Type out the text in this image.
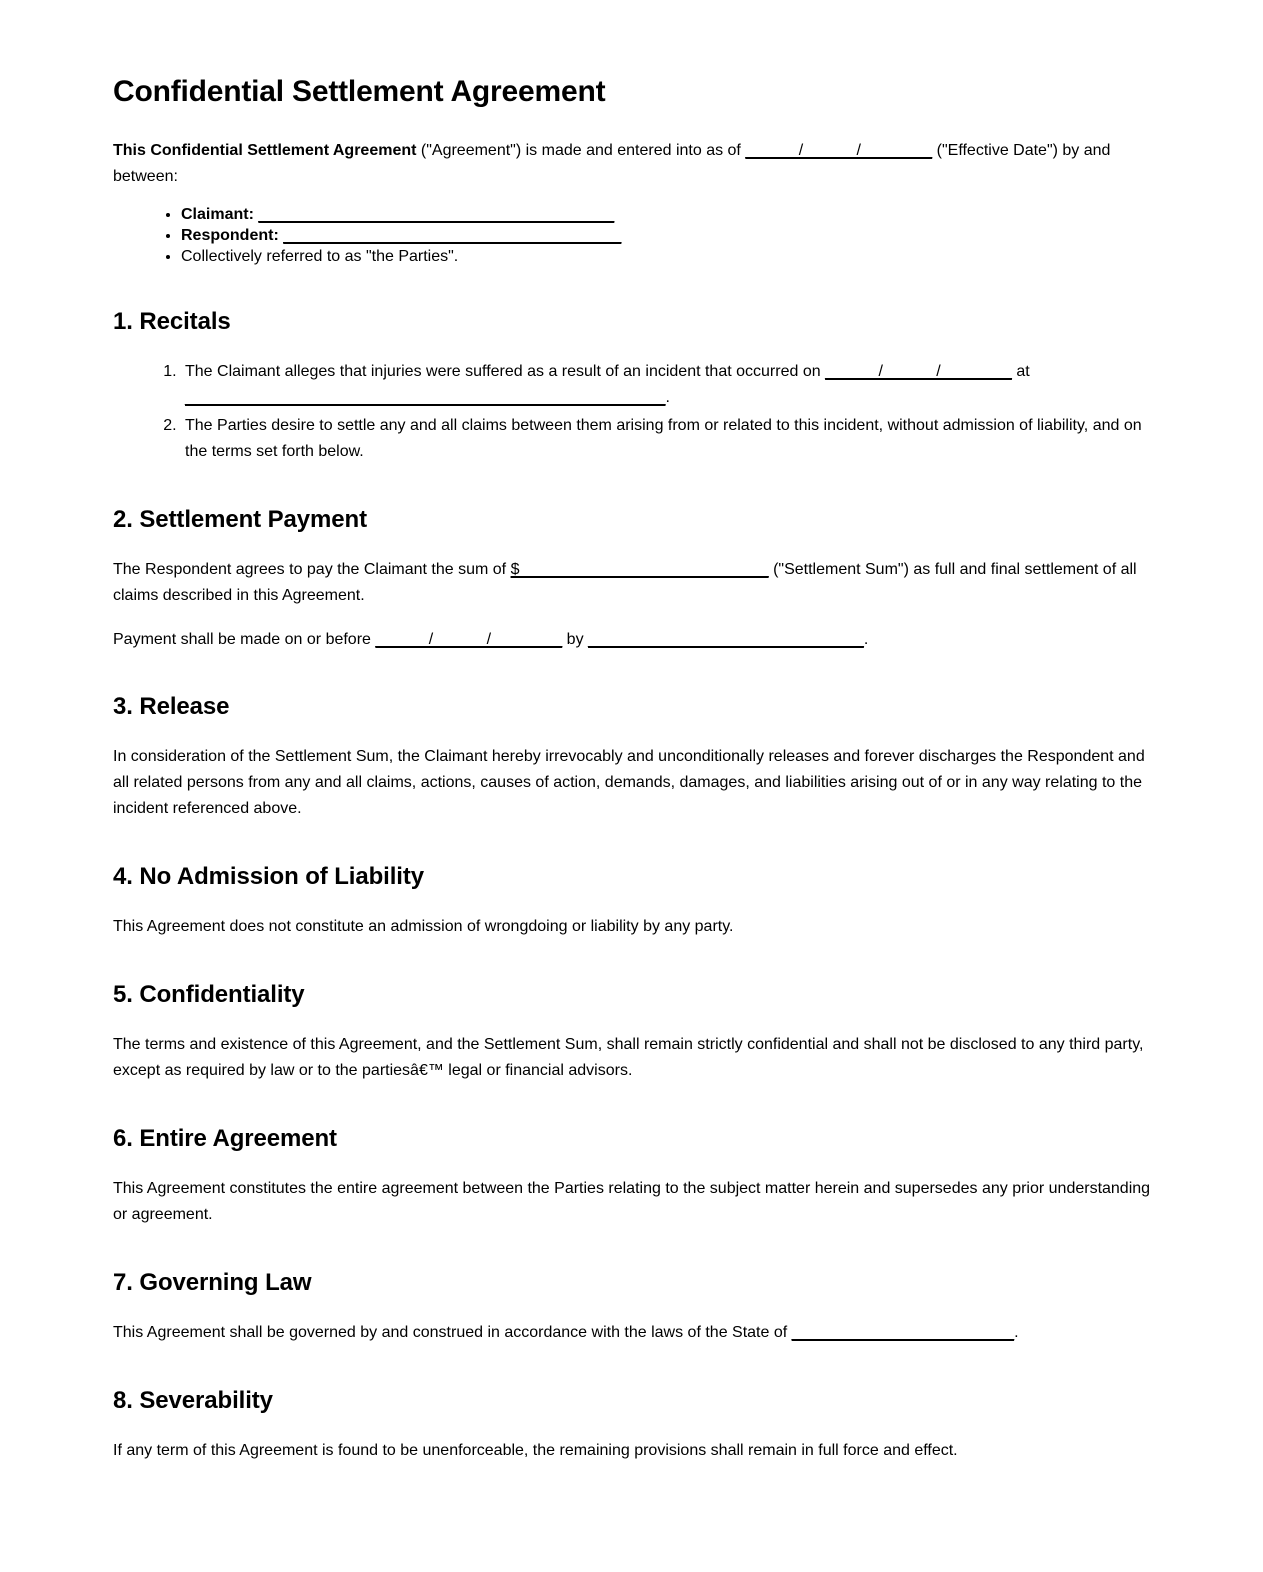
Confidential Settlement Agreement

This Confidential Settlement Agreement ("Agreement") is made and entered into as of ______/______/________ ("Effective Date") by and between:

• Claimant: ________________________________________
• Respondent: ______________________________________
• Collectively referred to as "the Parties".
1. Recitals
1. The Claimant alleges that injuries were suffered as a result of an incident that occurred on ______/______/________ at ______________________________________________________.
2. The Parties desire to settle any and all claims between them arising from or related to this incident, without admission of liability, and on the terms set forth below.
2. Settlement Payment

The Respondent agrees to pay the Claimant the sum of $____________________________ ("Settlement Sum") as full and final settlement of all claims described in this Agreement.

Payment shall be made on or before ______/______/________ by _______________________________.

3. Release

In consideration of the Settlement Sum, the Claimant hereby irrevocably and unconditionally releases and forever discharges the Respondent and all related persons from any and all claims, actions, causes of action, demands, damages, and liabilities arising out of or in any way relating to the incident referenced above.

4. No Admission of Liability

This Agreement does not constitute an admission of wrongdoing or liability by any party.

5. Confidentiality

The terms and existence of this Agreement, and the Settlement Sum, shall remain strictly confidential and shall not be disclosed to any third party, except as required by law or to the partiesâ€™ legal or financial advisors.

6. Entire Agreement

This Agreement constitutes the entire agreement between the Parties relating to the subject matter herein and supersedes any prior understanding or agreement.

7. Governing Law

This Agreement shall be governed by and construed in accordance with the laws of the State of _________________________.

8. Severability

If any term of this Agreement is found to be unenforceable, the remaining provisions shall remain in full force and effect.
